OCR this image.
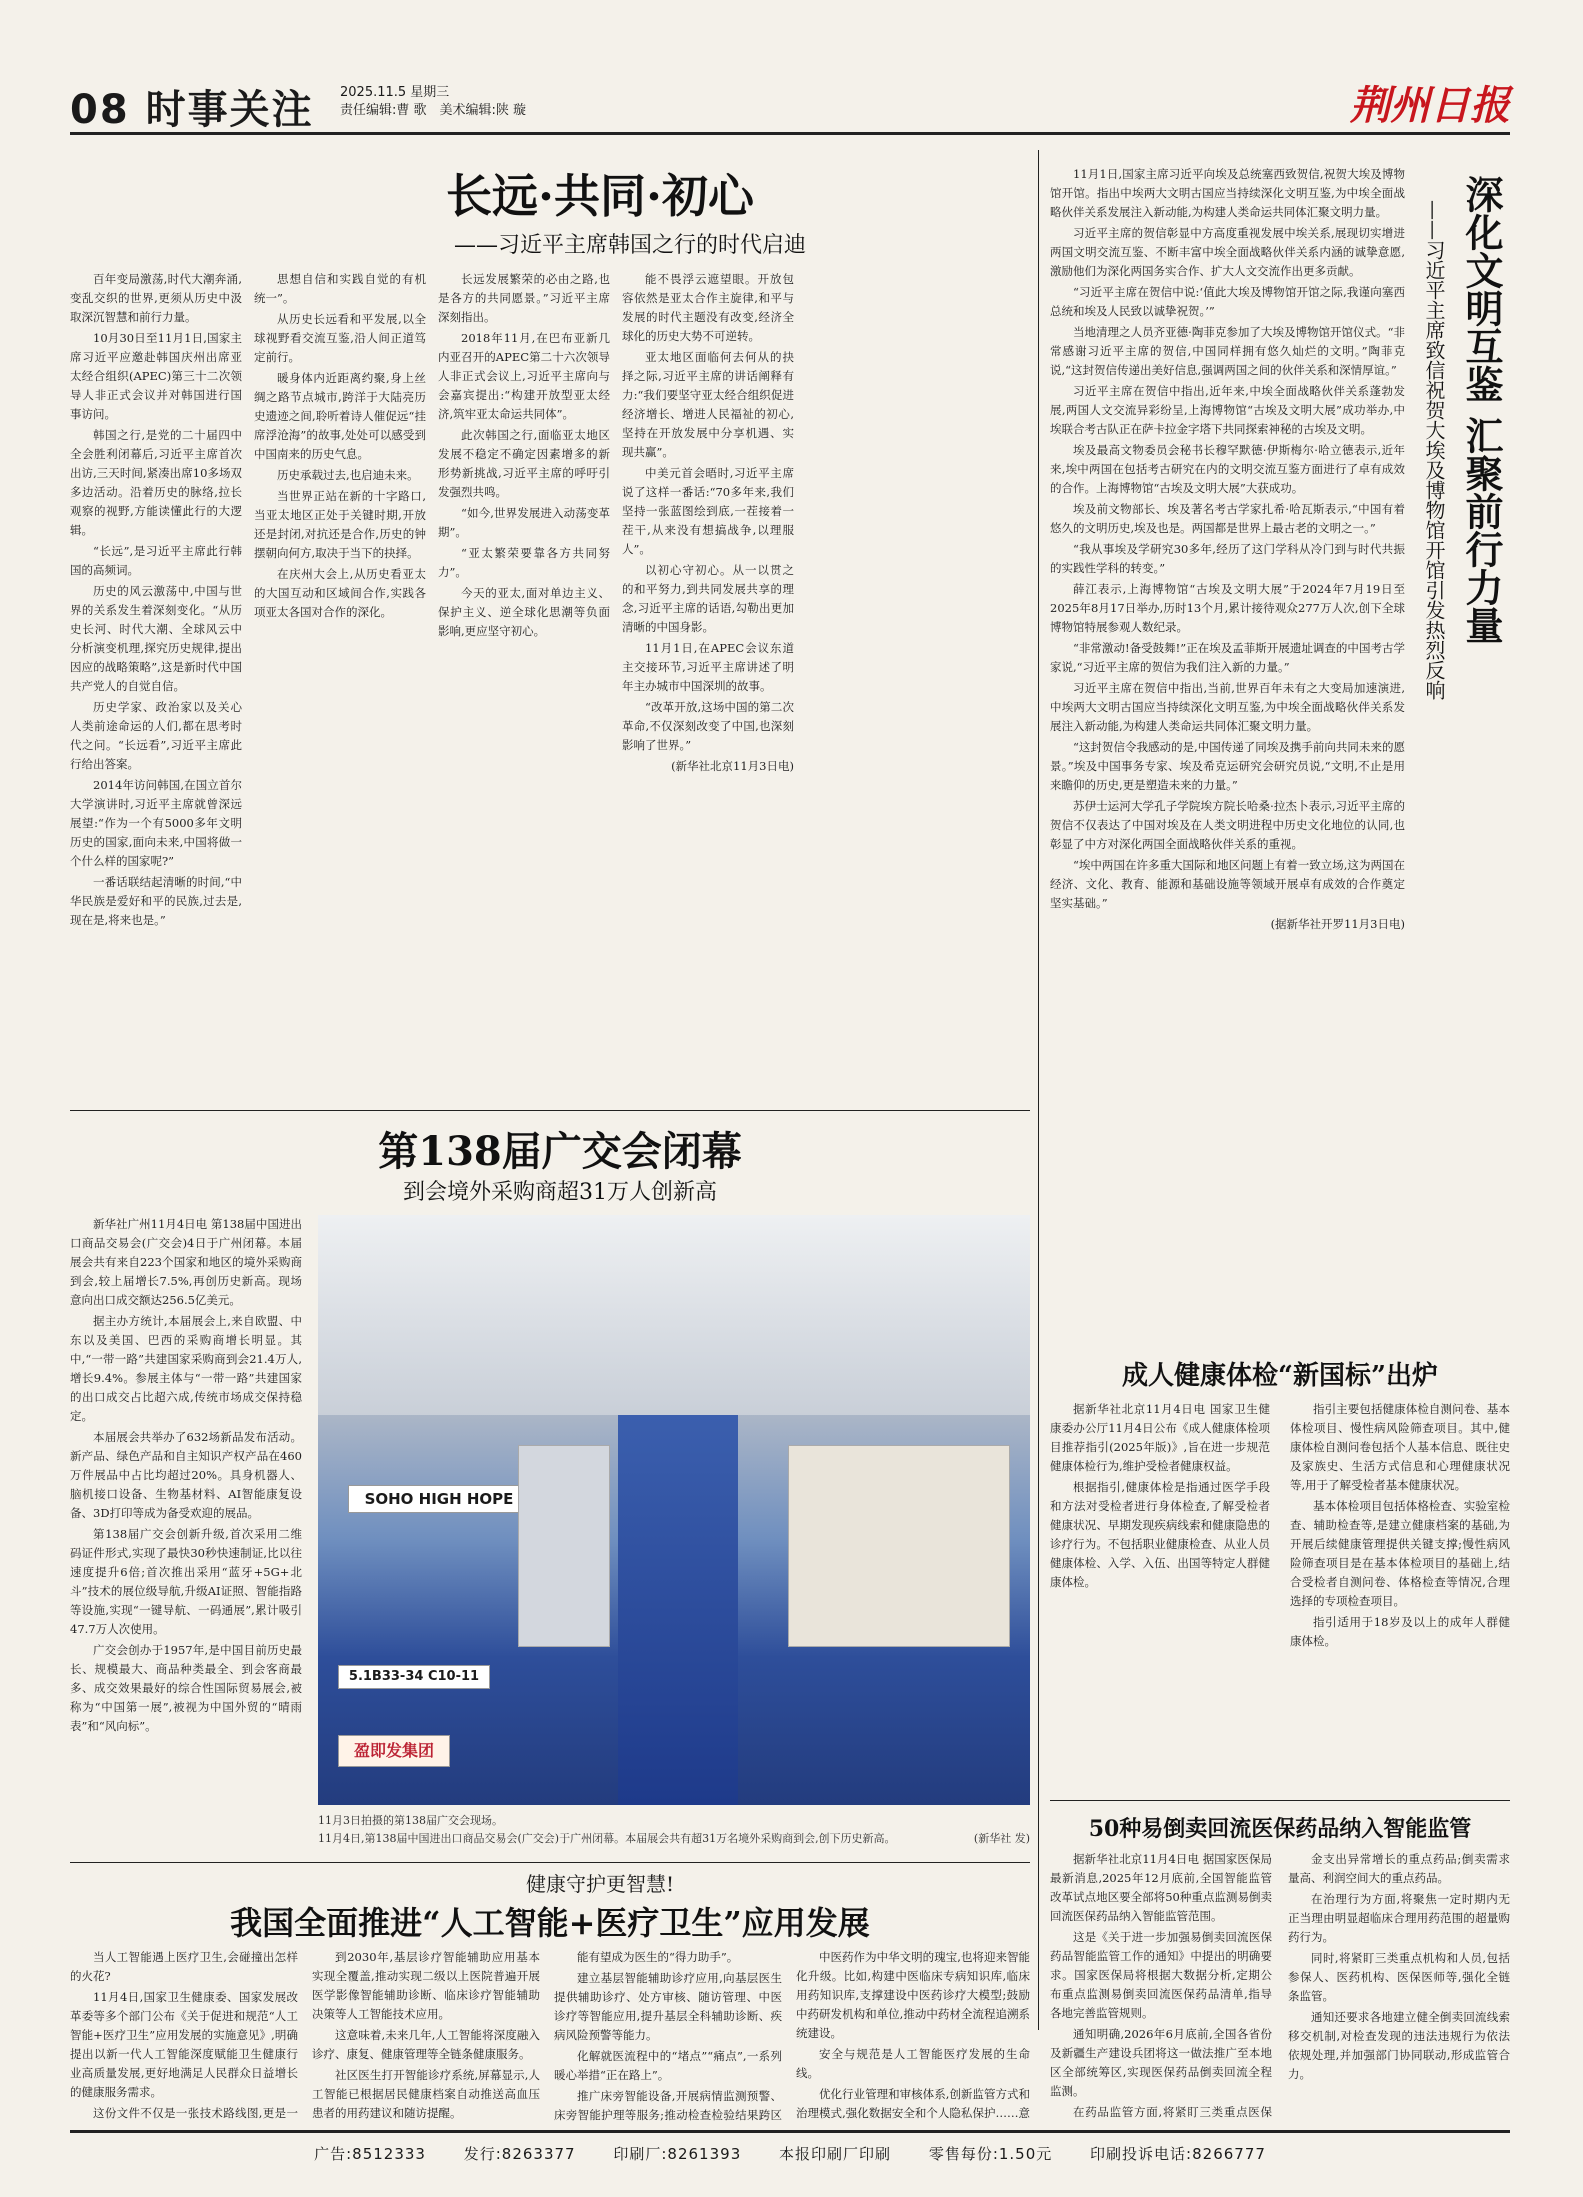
08 时事关注 2025.11.5 星期三
责任编辑:曹 歌　美术编辑:陕 璇	荆州日报
长远·共同·初心
——习近平主席韩国之行的时代启迪

百年变局激荡,时代大潮奔涌,变乱交织的世界,更须从历史中汲取深沉智慧和前行力量。

10月30日至11月1日,国家主席习近平应邀赴韩国庆州出席亚太经合组织(APEC)第三十二次领导人非正式会议并对韩国进行国事访问。

韩国之行,是党的二十届四中全会胜利闭幕后,习近平主席首次出访,三天时间,紧凑出席10多场双多边活动。沿着历史的脉络,拉长观察的视野,方能读懂此行的大逻辑。

“长远”,是习近平主席此行韩国的高频词。

历史的风云激荡中,中国与世界的关系发生着深刻变化。“从历史长河、时代大潮、全球风云中分析演变机理,探究历史规律,提出因应的战略策略”,这是新时代中国共产党人的自觉自信。

历史学家、政治家以及关心人类前途命运的人们,都在思考时代之问。“长远看”,习近平主席此行给出答案。

2014年访问韩国,在国立首尔大学演讲时,习近平主席就曾深远展望:“作为一个有5000多年文明历史的国家,面向未来,中国将做一个什么样的国家呢?”

一番话联结起清晰的时间,“中华民族是爱好和平的民族,过去是,现在是,将来也是。”

思想自信和实践自觉的有机统一”。

从历史长远看和平发展,以全球视野看交流互鉴,沿人间正道笃定前行。

暖身体内近距离约聚,身上丝绸之路节点城市,跨洋于大陆亮历史遗迹之间,聆听着诗人催促远“挂席浮沧海”的故事,处处可以感受到中国南来的历史气息。

历史承载过去,也启迪未来。

当世界正站在新的十字路口,当亚太地区正处于关键时期,开放还是封闭,对抗还是合作,历史的钟摆朝向何方,取决于当下的抉择。

在庆州大会上,从历史看亚太的大国互动和区域间合作,实践各项亚太各国对合作的深化。

长远发展繁荣的必由之路,也是各方的共同愿景。”习近平主席深刻指出。

2018年11月,在巴布亚新几内亚召开的APEC第二十六次领导人非正式会议上,习近平主席向与会嘉宾提出:“构建开放型亚太经济,筑牢亚太命运共同体”。

此次韩国之行,面临亚太地区发展不稳定不确定因素增多的新形势新挑战,习近平主席的呼吁引发强烈共鸣。

“如今,世界发展进入动荡变革期”。

“亚太繁荣要靠各方共同努力”。

今天的亚太,面对单边主义、保护主义、逆全球化思潮等负面影响,更应坚守初心。

能不畏浮云遮望眼。开放包容依然是亚太合作主旋律,和平与发展的时代主题没有改变,经济全球化的历史大势不可逆转。

亚太地区面临何去何从的抉择之际,习近平主席的讲话阐释有力:“我们要坚守亚太经合组织促进经济增长、增进人民福祉的初心,坚持在开放发展中分享机遇、实现共赢”。

中美元首会晤时,习近平主席说了这样一番话:“70多年来,我们坚持一张蓝图绘到底,一茬接着一茬干,从来没有想搞战争,以理服人”。

以初心守初心。从一以贯之的和平努力,到共同发展共享的理念,习近平主席的话语,勾勒出更加清晰的中国身影。

11月1日,在APEC会议东道主交接环节,习近平主席讲述了明年主办城市中国深圳的故事。

“改革开放,这场中国的第二次革命,不仅深刻改变了中国,也深刻影响了世界。”

(新华社北京11月3日电)

深化文明互鉴 汇聚前行力量
——习近平主席致信祝贺大埃及博物馆开馆引发热烈反响

11月1日,国家主席习近平向埃及总统塞西致贺信,祝贺大埃及博物馆开馆。指出中埃两大文明古国应当持续深化文明互鉴,为中埃全面战略伙伴关系发展注入新动能,为构建人类命运共同体汇聚文明力量。

习近平主席的贺信彰显中方高度重视发展中埃关系,展现切实增进两国文明交流互鉴、不断丰富中埃全面战略伙伴关系内涵的诚挚意愿,激励他们为深化两国务实合作、扩大人文交流作出更多贡献。

“习近平主席在贺信中说:‘值此大埃及博物馆开馆之际,我谨向塞西总统和埃及人民致以诚挚祝贺。’”

当地清理之人员齐亚德·陶菲克参加了大埃及博物馆开馆仪式。“非常感谢习近平主席的贺信,中国同样拥有悠久灿烂的文明。”陶菲克说,“这封贺信传递出美好信息,强调两国之间的伙伴关系和深情厚谊。”

习近平主席在贺信中指出,近年来,中埃全面战略伙伴关系蓬勃发展,两国人文交流异彩纷呈,上海博物馆“古埃及文明大展”成功举办,中埃联合考古队正在萨卡拉金字塔下共同探索神秘的古埃及文明。

埃及最高文物委员会秘书长穆罕默德·伊斯梅尔·哈立德表示,近年来,埃中两国在包括考古研究在内的文明交流互鉴方面进行了卓有成效的合作。上海博物馆“古埃及文明大展”大获成功。

埃及前文物部长、埃及著名考古学家扎希·哈瓦斯表示,“中国有着悠久的文明历史,埃及也是。两国都是世界上最古老的文明之一。”

“我从事埃及学研究30多年,经历了这门学科从冷门到与时代共振的实践性学科的转变。”

薛江表示,上海博物馆“古埃及文明大展”于2024年7月19日至2025年8月17日举办,历时13个月,累计接待观众277万人次,创下全球博物馆特展参观人数纪录。

“非常激动!备受鼓舞!”正在埃及孟菲斯开展遗址调查的中国考古学家说,“习近平主席的贺信为我们注入新的力量。”

习近平主席在贺信中指出,当前,世界百年未有之大变局加速演进,中埃两大文明古国应当持续深化文明互鉴,为中埃全面战略伙伴关系发展注入新动能,为构建人类命运共同体汇聚文明力量。

“这封贺信令我感动的是,中国传递了同埃及携手前向共同未来的愿景。”埃及中国事务专家、埃及希克运研究会研究员说,“文明,不止是用来瞻仰的历史,更是塑造未来的力量。”

苏伊士运河大学孔子学院埃方院长哈桑·拉杰卜表示,习近平主席的贺信不仅表达了中国对埃及在人类文明进程中历史文化地位的认同,也彰显了中方对深化两国全面战略伙伴关系的重视。

“埃中两国在许多重大国际和地区问题上有着一致立场,这为两国在经济、文化、教育、能源和基础设施等领域开展卓有成效的合作奠定坚实基础。”

(据新华社开罗11月3日电)

第138届广交会闭幕
到会境外采购商超31万人创新高

新华社广州11月4日电 第138届中国进出口商品交易会(广交会)4日于广州闭幕。本届展会共有来自223个国家和地区的境外采购商到会,较上届增长7.5%,再创历史新高。现场意向出口成交额达256.5亿美元。

据主办方统计,本届展会上,来自欧盟、中东以及美国、巴西的采购商增长明显。其中,“一带一路”共建国家采购商到会21.4万人,增长9.4%。参展主体与“一带一路”共建国家的出口成交占比超六成,传统市场成交保持稳定。

本届展会共举办了632场新品发布活动。新产品、绿色产品和自主知识产权产品在460万件展品中占比均超过20%。具身机器人、脑机接口设备、生物基材料、AI智能康复设备、3D打印等成为备受欢迎的展品。

第138届广交会创新升级,首次采用二维码证件形式,实现了最快30秒快速制证,比以往速度提升6倍;首次推出采用“蓝牙+5G+北斗”技术的展位级导航,升级AI证照、智能指路等设施,实现“一键导航、一码通展”,累计吸引47.7万人次使用。

广交会创办于1957年,是中国目前历史最长、规模最大、商品种类最全、到会客商最多、成交效果最好的综合性国际贸易展会,被称为“中国第一展”,被视为中国外贸的“晴雨表”和“风向标”。

SOHO HIGH HOPE
5.1B33-34 C10-11
盈即发集团
11月3日拍摄的第138届广交会现场。
11月4日,第138届中国进出口商品交易会(广交会)于广州闭幕。本届展会共有超31万名境外采购商到会,创下历史新高。	(新华社 发)
成人健康体检“新国标”出炉

据新华社北京11月4日电 国家卫生健康委办公厅11月4日公布《成人健康体检项目推荐指引(2025年版)》,旨在进一步规范健康体检行为,维护受检者健康权益。

根据指引,健康体检是指通过医学手段和方法对受检者进行身体检查,了解受检者健康状况、早期发现疾病线索和健康隐患的诊疗行为。不包括职业健康检查、从业人员健康体检、入学、入伍、出国等特定人群健康体检。

指引主要包括健康体检自测问卷、基本体检项目、慢性病风险筛查项目。其中,健康体检自测问卷包括个人基本信息、既往史及家族史、生活方式信息和心理健康状况等,用于了解受检者基本健康状况。

基本体检项目包括体格检查、实验室检查、辅助检查等,是建立健康档案的基础,为开展后续健康管理提供关键支撑;慢性病风险筛查项目是在基本体检项目的基础上,结合受检者自测问卷、体格检查等情况,合理选择的专项检查项目。

指引适用于18岁及以上的成年人群健康体检。

健康守护更智慧!
我国全面推进“人工智能+医疗卫生”应用发展

当人工智能遇上医疗卫生,会碰撞出怎样的火花?

11月4日,国家卫生健康委、国家发展改革委等多个部门公布《关于促进和规范“人工智能+医疗卫生”应用发展的实施意见》,明确提出以新一代人工智能深度赋能卫生健康行业高质量发展,更好地满足人民群众日益增长的健康服务需求。

这份文件不仅是一张技术路线图,更是一

到2030年,基层诊疗智能辅助应用基本实现全覆盖,推动实现二级以上医院普遍开展医学影像智能辅助诊断、临床诊疗智能辅助决策等人工智能技术应用。

这意味着,未来几年,人工智能将深度融入诊疗、康复、健康管理等全链条健康服务。

社区医生打开智能诊疗系统,屏幕显示,人工智能已根据居民健康档案自动推送高血压患者的用药建议和随访提醒。

能有望成为医生的“得力助手”。

建立基层智能辅助诊疗应用,向基层医生提供辅助诊疗、处方审核、随访管理、中医诊疗等智能应用,提升基层全科辅助诊断、疾病风险预警等能力。

化解就医流程中的“堵点”“痛点”,一系列暖心举措“正在路上”。

推广床旁智能设备,开展病情监测预警、床旁智能护理等服务;推动检查检验结果跨区

中医药作为中华文明的瑰宝,也将迎来智能化升级。比如,构建中医临床专病知识库,临床用药知识库,支撑建设中医药诊疗大模型;鼓励中药研发机构和单位,推动中药材全流程追溯系统建设。

安全与规范是人工智能医疗发展的生命线。

优化行业管理和审核体系,创新监管方式和治理模式,强化数据安全和个人隐私保护……意

50种易倒卖回流医保药品纳入智能监管

据新华社北京11月4日电 据国家医保局最新消息,2025年12月底前,全国智能监管改革试点地区要全部将50种重点监测易倒卖回流医保药品纳入智能监管范围。

这是《关于进一步加强易倒卖回流医保药品智能监管工作的通知》中提出的明确要求。国家医保局将根据大数据分析,定期公布重点监测易倒卖回流医保药品清单,指导各地完善监管规则。

通知明确,2026年6月底前,全国各省份及新疆生产建设兵团将这一做法推广至本地区全部统筹区,实现医保药品倒卖回流全程监测。

在药品监管方面,将紧盯三类重点医保

金支出异常增长的重点药品;倒卖需求量高、利润空间大的重点药品。

在治理行为方面,将聚焦一定时期内无正当理由明显超临床合理用药范围的超量购药行为。

同时,将紧盯三类重点机构和人员,包括参保人、医药机构、医保医师等,强化全链条监管。

通知还要求各地建立健全倒卖回流线索移交机制,对检查发现的违法违规行为依法依规处理,并加强部门协同联动,形成监管合力。

广告:8512333	发行:8263377	印刷厂:8261393	本报印刷厂印刷	零售每份:1.50元	印刷投诉电话:8266777
